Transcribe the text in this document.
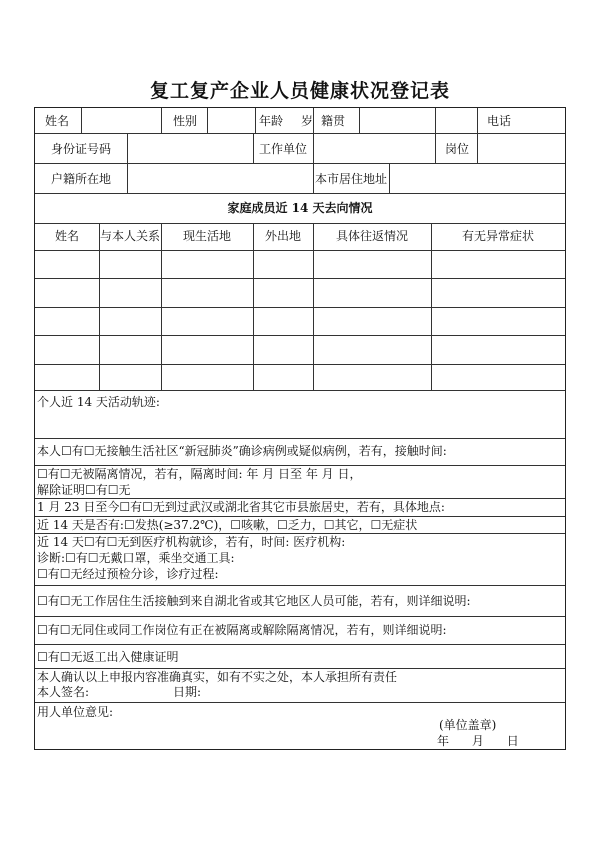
复工复产企业人员健康状况登记表
姓名	性别	年龄 岁 籍贯	电话
身份证号码	工作单位	岗位
户籍所在地	本市居住地址
家庭成员近 14 天去向情况
姓名	与本人关系	现生活地	外出地	具体往返情况	有无异常症状
个人近 14 天活动轨迹:
本人☐有☐无接触生活社区“新冠肺炎”确诊病例或疑似病例，若有，接触时间:
☐有☐无被隔离情况，若有，隔离时间: 年 月 日至 年 月 日，
解除证明☐有☐无
1 月 23 日至今☐有☐无到过武汉或湖北省其它市县旅居史，若有，具体地点:
近 14 天是否有:☐发热(≥37.2℃)，☐咳嗽，☐乏力，☐其它，☐无症状
近 14 天☐有☐无到医疗机构就诊，若有，时间: 医疗机构:
诊断:☐有☐无戴口罩，乘坐交通工具:
☐有☐无经过预检分诊，诊疗过程:
☐有☐无工作居住生活接触到来自湖北省或其它地区人员可能，若有，则详细说明:
☐有☐无同住或同工作岗位有正在被隔离或解除隔离情况，若有，则详细说明:
☐有☐无返工出入健康证明
本人确认以上申报内容准确真实，如有不实之处，本人承担所有责任
本人签名:	日期:
用人单位意见:
(单位盖章)
年      月      日
